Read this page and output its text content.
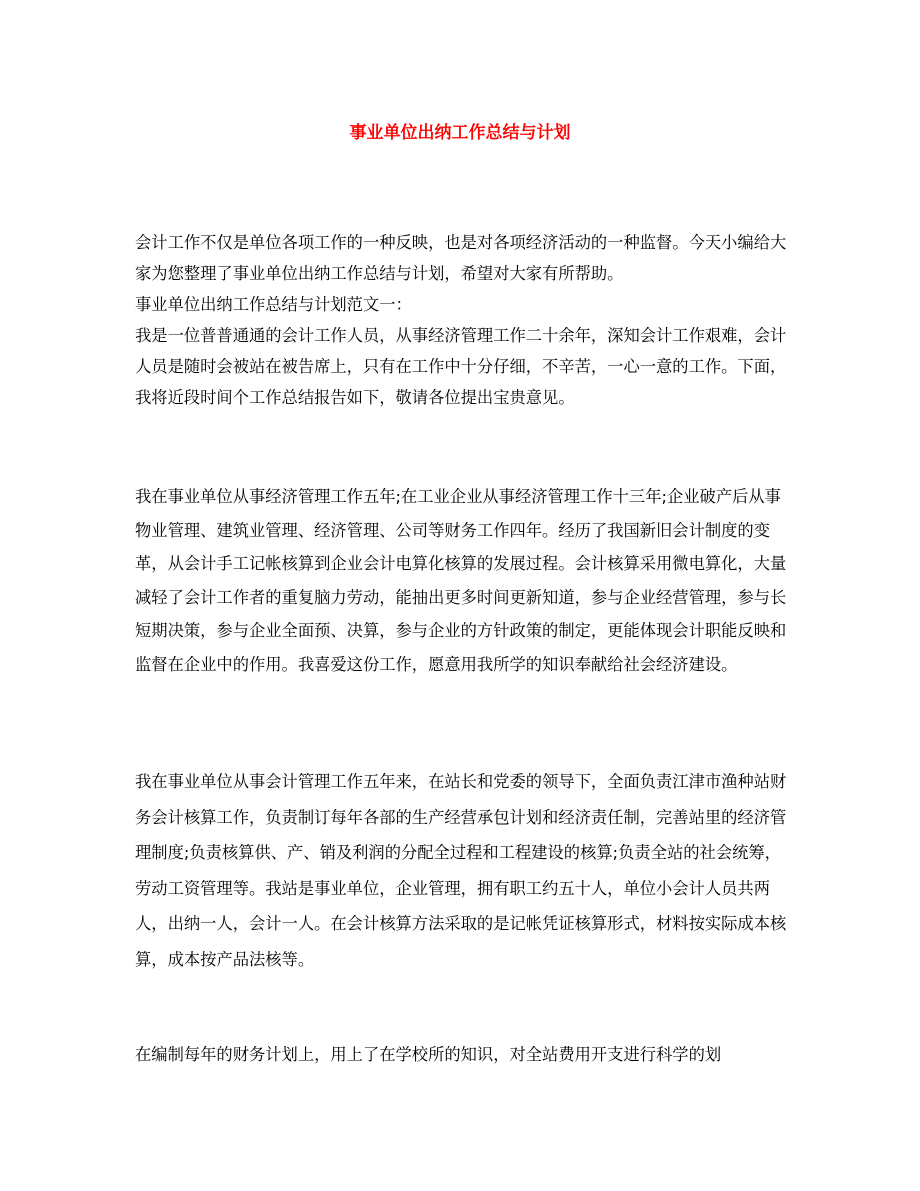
事业单位出纳工作总结与计划

会计工作不仅是单位各项工作的一种反映，也是对各项经济活动的一种监督。今天小编给大家为您整理了事业单位出纳工作总结与计划，希望对大家有所帮助。

事业单位出纳工作总结与计划范文一：

我是一位普普通通的会计工作人员，从事经济管理工作二十余年，深知会计工作艰难，会计人员是随时会被站在被告席上，只有在工作中十分仔细，不辛苦，一心一意的工作。下面，我将近段时间个工作总结报告如下，敬请各位提出宝贵意见。

我在事业单位从事经济管理工作五年;在工业企业从事经济管理工作十三年;企业破产后从事物业管理、建筑业管理、经济管理、公司等财务工作四年。经历了我国新旧会计制度的变革，从会计手工记帐核算到企业会计电算化核算的发展过程。会计核算采用微电算化，大量减轻了会计工作者的重复脑力劳动，能抽出更多时间更新知道，参与企业经营管理，参与长短期决策，参与企业全面预、决算，参与企业的方针政策的制定，更能体现会计职能反映和监督在企业中的作用。我喜爱这份工作，愿意用我所学的知识奉献给社会经济建设。

我在事业单位从事会计管理工作五年来，在站长和党委的领导下，全面负责江津市渔种站财务会计核算工作，负责制订每年各部的生产经营承包计划和经济责任制，完善站里的经济管理制度;负责核算供、产、销及利润的分配全过程和工程建设的核算;负责全站的社会统筹，劳动工资管理等。我站是事业单位，企业管理，拥有职工约五十人，单位小会计人员共两人，出纳一人，会计一人。在会计核算方法采取的是记帐凭证核算形式，材料按实际成本核算，成本按产品法核等。

在编制每年的财务计划上，用上了在学校所的知识，对全站费用开支进行科学的划
